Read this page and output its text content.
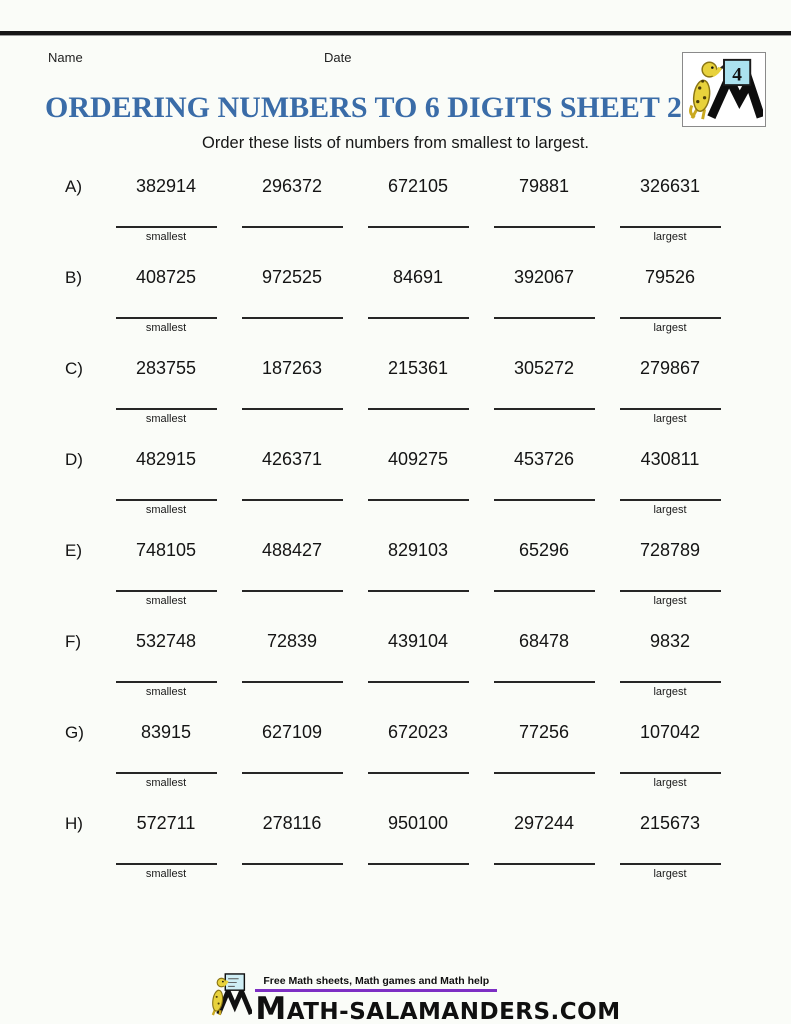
Name	Date
4
ORDERING NUMBERS TO 6 DIGITS SHEET 2
Order these lists of numbers from smallest to largest.
A)	382914	296372	672105	79881	326631
smallest	largest
B)	408725	972525	84691	392067	79526
smallest	largest
C)	283755	187263	215361	305272	279867
smallest	largest
D)	482915	426371	409275	453726	430811
smallest	largest
E)	748105	488427	829103	65296	728789
smallest	largest
F)	532748	72839	439104	68478	9832
smallest	largest
G)	83915	627109	672023	77256	107042
smallest	largest
H)	572711	278116	950100	297244	215673
smallest	largest
Free Math sheets, Math games and Math help
MATH-SALAMANDERS.COM
